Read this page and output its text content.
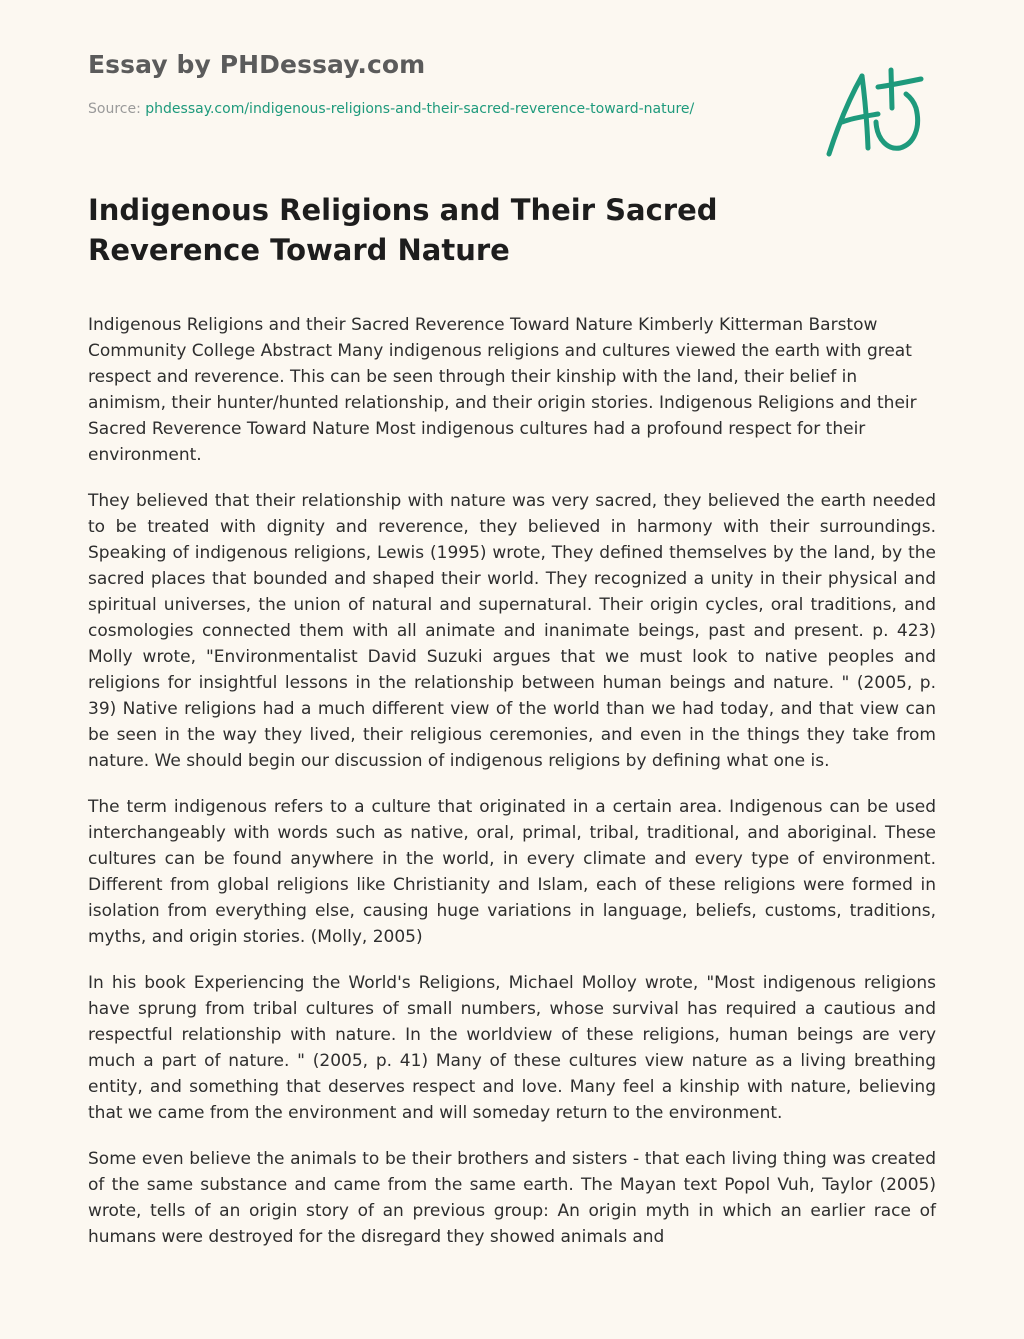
Essay by PHDessay.com
Source: phdessay.com/indigenous-religions-and-their-sacred-reverence-toward-nature/
Indigenous Religions and Their Sacred Reverence Toward Nature

Indigenous Religions and their Sacred Reverence Toward Nature Kimberly Kitterman Barstow Community College Abstract Many indigenous religions and cultures viewed the earth with great respect and reverence. This can be seen through their kinship with the land, their belief in animism, their hunter/hunted relationship, and their origin stories. Indigenous Religions and their Sacred Reverence Toward Nature Most indigenous cultures had a profound respect for their environment.

They believed that their relationship with nature was very sacred, they believed the earth needed to be treated with dignity and reverence, they believed in harmony with their surroundings. Speaking of indigenous religions, Lewis (1995) wrote, They defined themselves by the land, by the sacred places that bounded and shaped their world. They recognized a unity in their physical and spiritual universes, the union of natural and supernatural. Their origin cycles, oral traditions, and cosmologies connected them with all animate and inanimate beings, past and present. p. 423) Molly wrote, "Environmentalist David Suzuki argues that we must look to native peoples and religions for insightful lessons in the relationship between human beings and nature. " (2005, p. 39) Native religions had a much different view of the world than we had today, and that view can be seen in the way they lived, their religious ceremonies, and even in the things they take from nature. We should begin our discussion of indigenous religions by defining what one is.

The term indigenous refers to a culture that originated in a certain area. Indigenous can be used interchangeably with words such as native, oral, primal, tribal, traditional, and aboriginal. These cultures can be found anywhere in the world, in every climate and every type of environment. Different from global religions like Christianity and Islam, each of these religions were formed in isolation from everything else, causing huge variations in language, beliefs, customs, traditions, myths, and origin stories. (Molly, 2005)

In his book Experiencing the World's Religions, Michael Molloy wrote, "Most indigenous religions have sprung from tribal cultures of small numbers, whose survival has required a cautious and respectful relationship with nature. In the worldview of these religions, human beings are very much a part of nature. " (2005, p. 41) Many of these cultures view nature as a living breathing entity, and something that deserves respect and love. Many feel a kinship with nature, believing that we came from the environment and will someday return to the environment.

Some even believe the animals to be their brothers and sisters - that each living thing was created of the same substance and came from the same earth. The Mayan text Popol Vuh, Taylor (2005) wrote, tells of an origin story of an previous group: An origin myth in which an earlier race of humans were destroyed for the disregard they showed animals and
